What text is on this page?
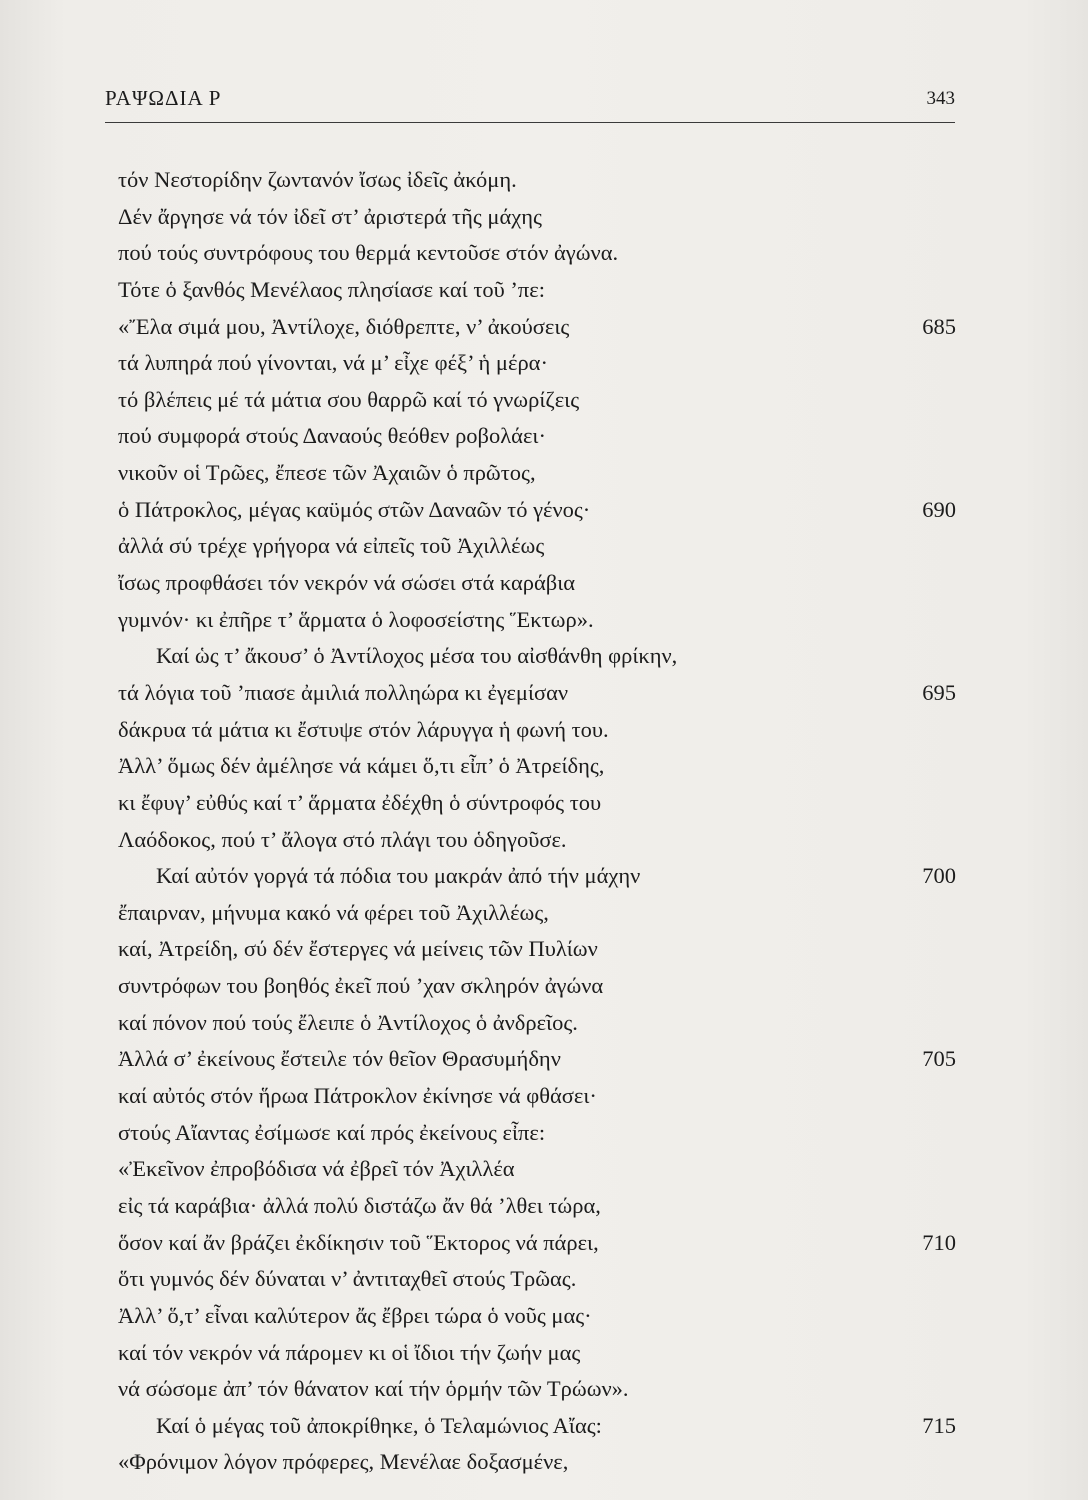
ΡΑΨΩΔΙΑ Ρ	343
τόν Νεστορίδην ζωντανόν ἴσως ἰδεῖς ἀκόμη.
Δέν ἄργησε νά τόν ἰδεῖ στ’ ἀριστερά τῆς μάχης
πού τούς συντρόφους του θερμά κεντοῦσε στόν ἀγώνα.
Τότε ὁ ξανθός Μενέλαος πλησίασε καί τοῦ ’πε:
«Ἔλα σιμά μου, Ἀντίλοχε, διόθρεπτε, ν’ ἀκούσεις	685
τά λυπηρά πού γίνονται, νά μ’ εἶχε φέξ’ ἡ μέρα·
τό βλέπεις μέ τά μάτια σου θαρρῶ καί τό γνωρίζεις
πού συμφορά στούς Δαναούς θεόθεν ροβολάει·
νικοῦν οἱ Τρῶες, ἔπεσε τῶν Ἀχαιῶν ὁ πρῶτος,
ὁ Πάτροκλος, μέγας καϋμός στῶν Δαναῶν τό γένος·	690
ἀλλά σύ τρέχε γρήγορα νά εἰπεῖς τοῦ Ἀχιλλέως
ἴσως προφθάσει τόν νεκρόν νά σώσει στά καράβια
γυμνόν· κι ἐπῆρε τ’ ἅρματα ὁ λοφοσείστης Ἕκτωρ».
Καί ὡς τ’ ἄκουσ’ ὁ Ἀντίλοχος μέσα του αἰσθάνθη φρίκην,
τά λόγια τοῦ ’πιασε ἀμιλιά πολληώρα κι ἐγεμίσαν	695
δάκρυα τά μάτια κι ἔστυψε στόν λάρυγγα ἡ φωνή του.
Ἀλλ’ ὅμως δέν ἀμέλησε νά κάμει ὅ,τι εἶπ’ ὁ Ἀτρείδης,
κι ἔφυγ’ εὐθύς καί τ’ ἅρματα ἐδέχθη ὁ σύντροφός του
Λαόδοκος, πού τ’ ἄλογα στό πλάγι του ὁδηγοῦσε.
Καί αὐτόν γοργά τά πόδια του μακράν ἀπό τήν μάχην	700
ἔπαιρναν, μήνυμα κακό νά φέρει τοῦ Ἀχιλλέως,
καί, Ἀτρείδη, σύ δέν ἔστεργες νά μείνεις τῶν Πυλίων
συντρόφων του βοηθός ἐκεῖ πού ’χαν σκληρόν ἀγώνα
καί πόνον πού τούς ἔλειπε ὁ Ἀντίλοχος ὁ ἀνδρεῖος.
Ἀλλά σ’ ἐκείνους ἔστειλε τόν θεῖον Θρασυμήδην	705
καί αὐτός στόν ἥρωα Πάτροκλον ἐκίνησε νά φθάσει·
στούς Αἴαντας ἐσίμωσε καί πρός ἐκείνους εἶπε:
«Ἐκεῖνον ἐπροβόδισα νά ἐβρεῖ τόν Ἀχιλλέα
εἰς τά καράβια· ἀλλά πολύ διστάζω ἄν θά ’λθει τώρα,
ὅσον καί ἄν βράζει ἐκδίκησιν τοῦ Ἕκτορος νά πάρει,	710
ὅτι γυμνός δέν δύναται ν’ ἀντιταχθεῖ στούς Τρῶας.
Ἀλλ’ ὅ,τ’ εἶναι καλύτερον ἄς ἔβρει τώρα ὁ νοῦς μας·
καί τόν νεκρόν νά πάρομεν κι οἱ ἴδιοι τήν ζωήν μας
νά σώσομε ἀπ’ τόν θάνατον καί τήν ὁρμήν τῶν Τρώων».
Καί ὁ μέγας τοῦ ἀποκρίθηκε, ὁ Τελαμώνιος Αἴας:	715
«Φρόνιμον λόγον πρόφερες, Μενέλαε δοξασμένε,
